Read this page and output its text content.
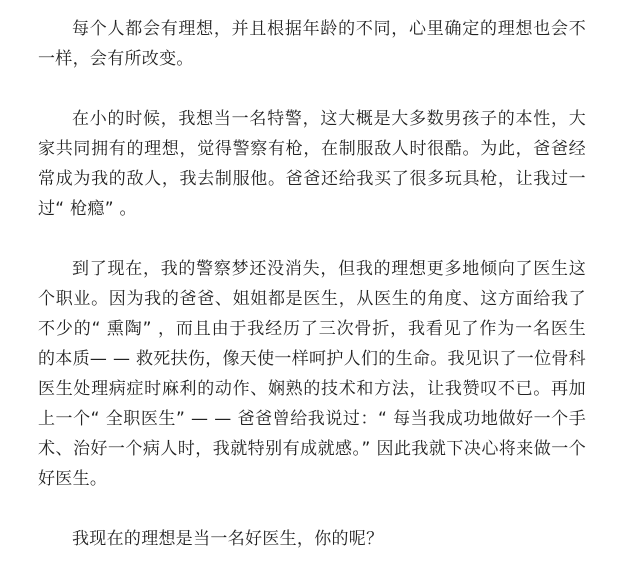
每个人都会有理想，并且根据年龄的不同，心里确定的理想也会不一样，会有所改变。

在小的时候，我想当一名特警，这大概是大多数男孩子的本性，大家共同拥有的理想，觉得警察有枪，在制服敌人时很酷。为此，爸爸经常成为我的敌人，我去制服他。爸爸还给我买了很多玩具枪，让我过一过“ 枪瘾” 。

到了现在，我的警察梦还没消失，但我的理想更多地倾向了医生这个职业。因为我的爸爸、姐姐都是医生，从医生的角度、这方面给我了不少的“ 熏陶” ，而且由于我经历了三次骨折，我看见了作为一名医生的本质— — 救死扶伤，像天使一样呵护人们的生命。我见识了一位骨科医生处理病症时麻利的动作、娴熟的技术和方法，让我赞叹不已。再加上一个“ 全职医生” — — 爸爸曾给我说过：“ 每当我成功地做好一个手术、治好一个病人时，我就特别有成就感。” 因此我就下决心将来做一个好医生。

我现在的理想是当一名好医生，你的呢？
